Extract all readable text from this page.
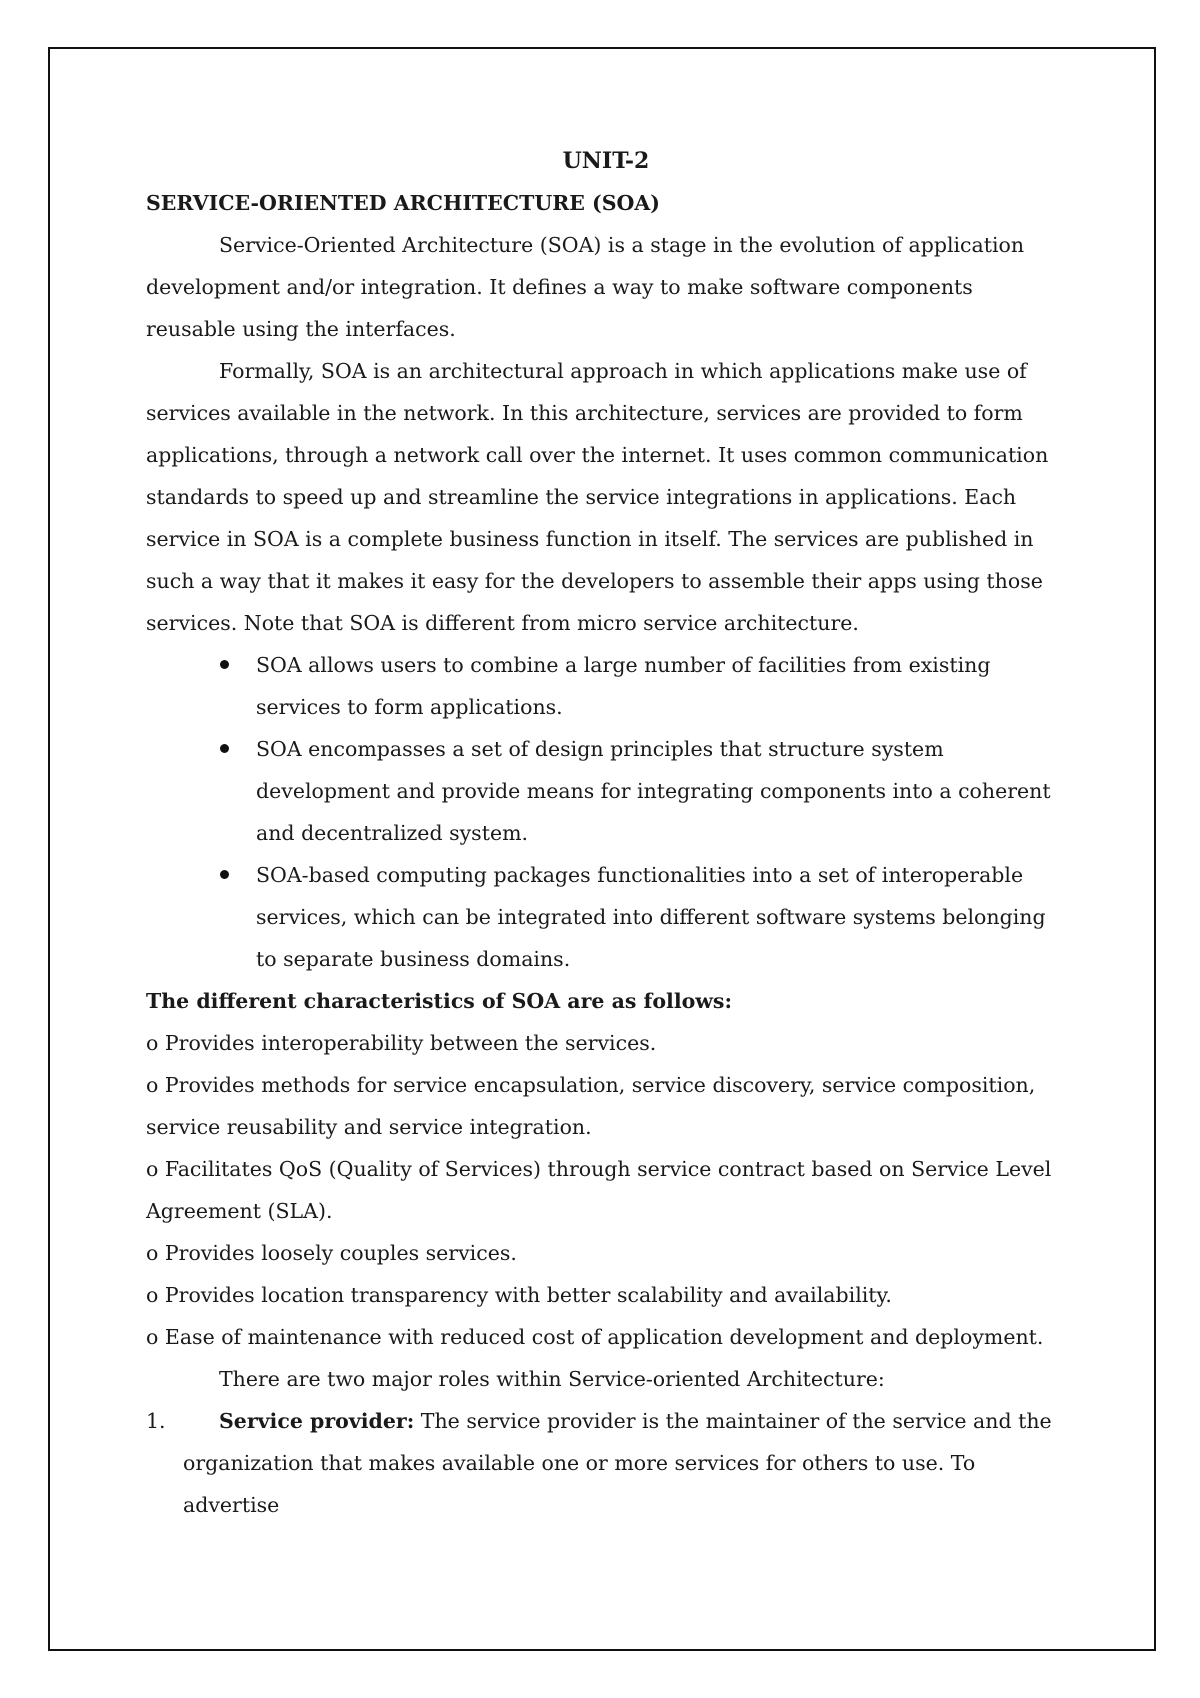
UNIT-2
SERVICE-ORIENTED ARCHITECTURE (SOA)

Service-Oriented Architecture (SOA) is a stage in the evolution of application development and/or integration. It defines a way to make software components reusable using the interfaces.

Formally, SOA is an architectural approach in which applications make use of services available in the network. In this architecture, services are provided to form applications, through a network call over the internet. It uses common communication standards to speed up and streamline the service integrations in applications. Each service in SOA is a complete business function in itself. The services are published in such a way that it makes it easy for the developers to assemble their apps using those services. Note that SOA is different from micro service architecture.

SOA allows users to combine a large number of facilities from existing services to form applications.
SOA encompasses a set of design principles that structure system development and provide means for integrating components into a coherent and decentralized system.
SOA-based computing packages functionalities into a set of interoperable services, which can be integrated into different software systems belonging to separate business domains.
The different characteristics of SOA are as follows:

o Provides interoperability between the services.

o Provides methods for service encapsulation, service discovery, service composition, service reusability and service integration.

o Facilitates QoS (Quality of Services) through service contract based on Service Level Agreement (SLA).

o Provides loosely couples services.

o Provides location transparency with better scalability and availability.

o Ease of maintenance with reduced cost of application development and deployment.

There are two major roles within Service-oriented Architecture:

1.	Service provider: The service provider is the maintainer of the service and the
organization that makes available one or more services for others to use. To advertise
